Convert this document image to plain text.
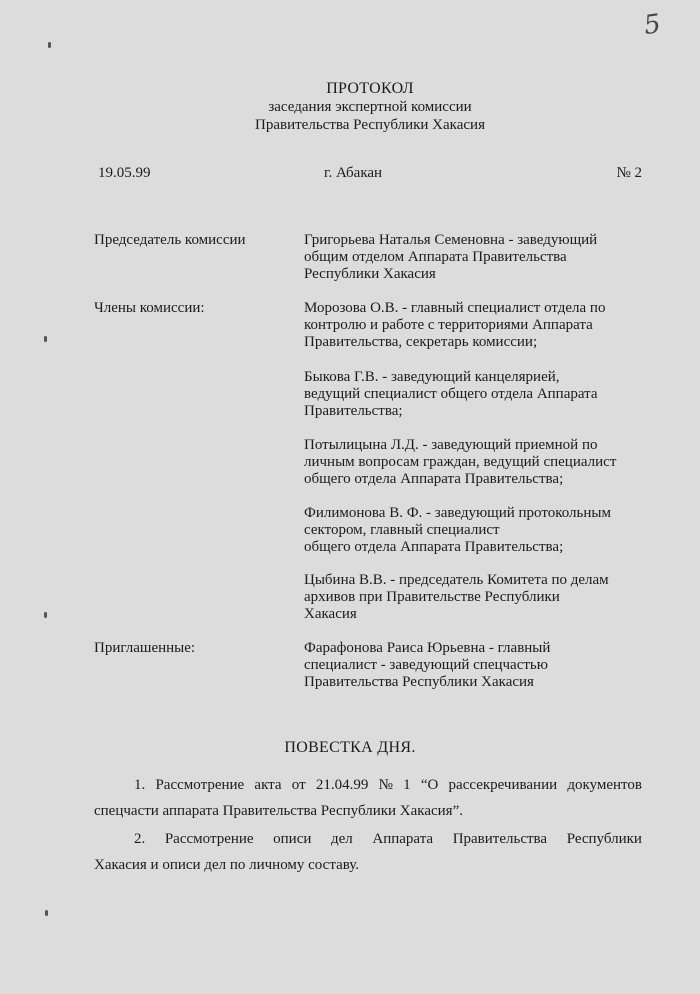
5
ПРОТОКОЛ
заседания экспертной комиссии
Правительства Республики Хакасия
19.05.99	г. Абакан	№ 2
Председатель комиссии	Григорьева Наталья Семеновна - заведующий
общим отделом Аппарата Правительства
Республики Хакасия
Члены комиссии:	Морозова О.В. - главный специалист отдела по
контролю и работе с территориями Аппарата
Правительства, секретарь комиссии;
Быкова Г.В. - заведующий канцелярией,
ведущий специалист общего отдела Аппарата
Правительства;
Потылицына Л.Д. - заведующий приемной по
личным вопросам граждан, ведущий специалист
общего отдела Аппарата Правительства;
Филимонова В. Ф. - заведующий протокольным
сектором, главный специалист
общего отдела Аппарата Правительства;
Цыбина В.В. - председатель Комитета по делам
архивов при Правительстве Республики
Хакасия
Приглашенные:	Фарафонова Раиса Юрьевна - главный
специалист - заведующий спецчастью
Правительства Республики Хакасия
ПОВЕСТКА ДНЯ.
1. Рассмотрение акта от 21.04.99 № 1 “О рассекречивании документов
спецчасти аппарата Правительства Республики Хакасия”.
2. Рассмотрение описи дел Аппарата Правительства Республики
Хакасия и описи дел по личному составу.
